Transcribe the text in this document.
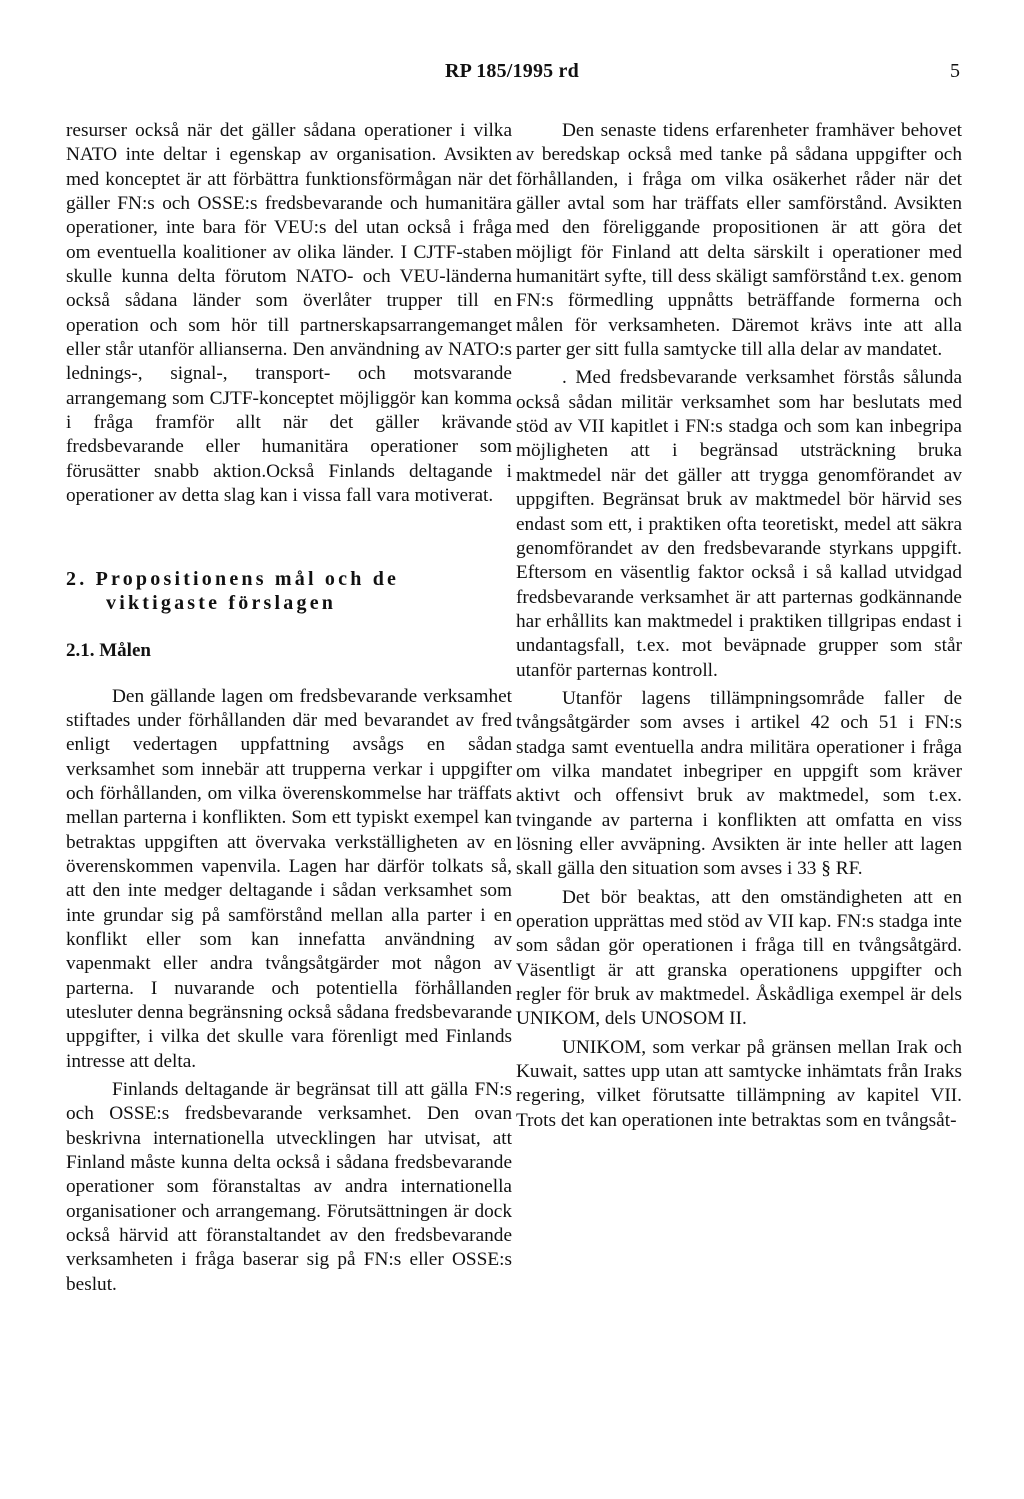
RP 185/1995 rd	5

resurser också när det gäller sådana operationer i vilka NATO inte deltar i egenskap av organisation. Avsikten med konceptet är att förbättra funktionsförmågan när det gäller FN:s och OSSE:s fredsbevarande och humanitära operationer, inte bara för VEU:s del utan också i fråga om eventuella koalitioner av olika länder. I CJTF-staben skulle kunna delta förutom NATO- och VEU-länderna också sådana länder som överlåter trupper till en operation och som hör till partnerskapsarrangemanget eller står utanför allianserna. Den användning av NATO:s lednings-, signal-, transport- och motsvarande arrangemang som CJTF-konceptet möjliggör kan komma i fråga framför allt när det gäller krävande fredsbevarande eller humanitära operationer som förusätter snabb aktion.Också Finlands deltagande i operationer av detta slag kan i vissa fall vara motiverat.

2. Propositionens mål och de viktigaste förslagen
2.1. Målen

Den gällande lagen om fredsbevarande verksamhet stiftades under förhållanden där med bevarandet av fred enligt vedertagen uppfattning avsågs en sådan verksamhet som innebär att trupperna verkar i uppgifter och förhållanden, om vilka överenskommelse har träffats mellan parterna i konflikten. Som ett typiskt exempel kan betraktas uppgiften att övervaka verkställigheten av en överenskommen vapenvila. Lagen har därför tolkats så, att den inte medger deltagande i sådan verksamhet som inte grundar sig på samförstånd mellan alla parter i en konflikt eller som kan innefatta användning av vapenmakt eller andra tvångsåtgärder mot någon av parterna. I nuvarande och potentiella förhållanden utesluter denna begränsning också sådana fredsbevarande uppgifter, i vilka det skulle vara förenligt med Finlands intresse att delta.

Finlands deltagande är begränsat till att gälla FN:s och OSSE:s fredsbevarande verksamhet. Den ovan beskrivna internationella utvecklingen har utvisat, att Finland måste kunna delta också i sådana fredsbevarande operationer som föranstaltas av andra internationella organisationer och arrangemang. Förutsättningen är dock också härvid att föranstaltandet av den fredsbevarande verksamheten i fråga baserar sig på FN:s eller OSSE:s beslut.

Den senaste tidens erfarenheter framhäver behovet av beredskap också med tanke på sådana uppgifter och förhållanden, i fråga om vilka osäkerhet råder när det gäller avtal som har träffats eller samförstånd. Avsikten med den föreliggande propositionen är att göra det möjligt för Finland att delta särskilt i operationer med humanitärt syfte, till dess skäligt samförstånd t.ex. genom FN:s förmedling uppnåtts beträffande formerna och målen för verksamheten. Däremot krävs inte att alla parter ger sitt fulla samtycke till alla delar av mandatet.

. Med fredsbevarande verksamhet förstås sålunda också sådan militär verksamhet som har beslutats med stöd av VII kapitlet i FN:s stadga och som kan inbegripa möjligheten att i begränsad utsträckning bruka maktmedel när det gäller att trygga genomförandet av uppgiften. Begränsat bruk av maktmedel bör härvid ses endast som ett, i praktiken ofta teoretiskt, medel att säkra genomförandet av den fredsbevarande styrkans uppgift. Eftersom en väsentlig faktor också i så kallad utvidgad fredsbevarande verksamhet är att parternas godkännande har erhållits kan maktmedel i praktiken tillgripas endast i undantagsfall, t.ex. mot beväpnade grupper som står utanför parternas kontroll.

Utanför lagens tillämpningsområde faller de tvångsåtgärder som avses i artikel 42 och 51 i FN:s stadga samt eventuella andra militära operationer i fråga om vilka mandatet inbegriper en uppgift som kräver aktivt och offensivt bruk av maktmedel, som t.ex. tvingande av parterna i konflikten att omfatta en viss lösning eller avväpning. Avsikten är inte heller att lagen skall gälla den situation som avses i 33 § RF.

Det bör beaktas, att den omständigheten att en operation upprättas med stöd av VII kap. FN:s stadga inte som sådan gör operationen i fråga till en tvångsåtgärd. Väsentligt är att granska operationens uppgifter och regler för bruk av maktmedel. Åskådliga exempel är dels UNIKOM, dels UNOSOM II.

UNIKOM, som verkar på gränsen mellan Irak och Kuwait, sattes upp utan att samtycke inhämtats från Iraks regering, vilket förutsatte tillämpning av kapitel VII. Trots det kan operationen inte betraktas som en tvångsåt-
